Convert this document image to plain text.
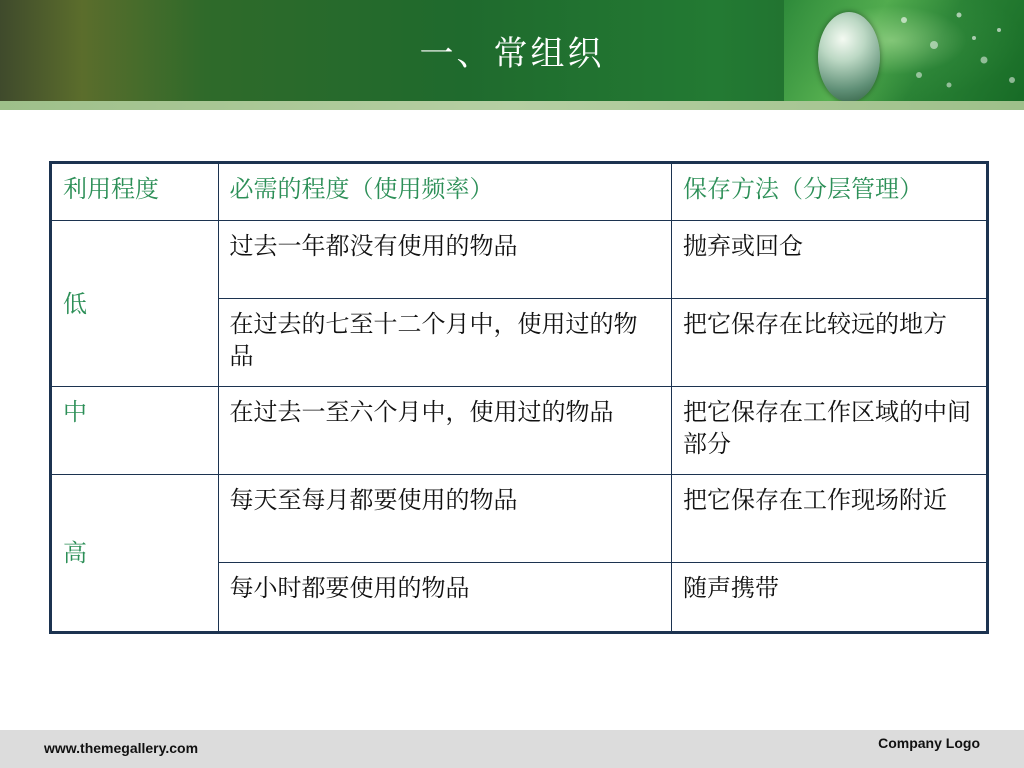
一、常组织
利用程度	必需的程度（使用频率）	保存方法（分层管理）
低	过去一年都没有使用的物品	抛弃或回仓
	在过去的七至十二个月中，使用过的物品	把它保存在比较远的地方
中	在过去一至六个月中，使用过的物品	把它保存在工作区域的中间部分
高	每天至每月都要使用的物品	把它保存在工作现场附近
	每小时都要使用的物品	随声携带
www.themegallery.com	Company Logo
